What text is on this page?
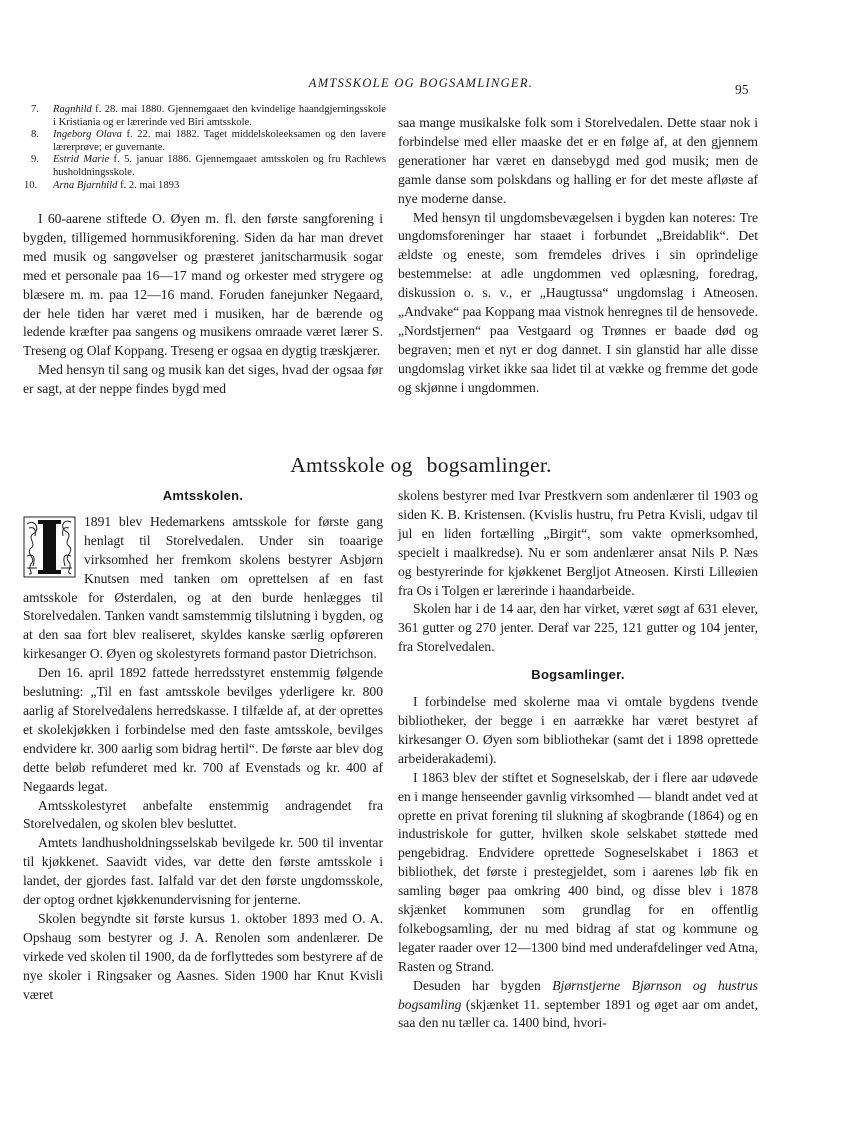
AMTSSKOLE OG BOGSAMLINGER.	95
7.	Ragnhild f. 28. mai 1880. Gjennemgaaet den kvindelige haandgjerningsskole i Kristiania og er lærerinde ved Biri amtsskole.
8.	Ingeborg Olava f. 22. mai 1882. Taget middelskoleeksamen og den lavere lærerprøve; er guvernante.
9.	Estrid Marie f. 5. januar 1886. Gjennemgaaet amtsskolen og fru Rachlews husholdningsskole.
10.	Arna Bjarnhild f. 2. mai 1893

I 60-aarene stiftede O. Øyen m. fl. den første sangforening i bygden, tilligemed hornmusikforening. Siden da har man drevet med musik og sangøvelser og præsteret janitscharmusik sogar med et personale paa 16—17 mand og orkester med strygere og blæsere m. m. paa 12—16 mand. Foruden fanejunker Negaard, der hele tiden har været med i musiken, har de bærende og ledende kræfter paa sangens og musikens omraade været lærer S. Treseng og Olaf Koppang. Treseng er ogsaa en dygtig træskjærer.

Med hensyn til sang og musik kan det siges, hvad der ogsaa før er sagt, at der neppe findes bygd med

saa mange musikalske folk som i Storelvedalen. Dette staar nok i forbindelse med eller maaske det er en følge af, at den gjennem generationer har været en dansebygd med god musik; men de gamle danse som polskdans og halling er for det meste afløste af nye moderne danse.

Med hensyn til ungdomsbevægelsen i bygden kan noteres: Tre ungdomsforeninger har staaet i forbundet „Breidablik“. Det ældste og eneste, som fremdeles drives i sin oprindelige bestemmelse: at adle ungdommen ved oplæsning, foredrag, diskussion o. s. v., er „Haugtussa“ ungdomslag i Atneosen. „Andvake“ paa Koppang maa vistnok henregnes til de hensovede. „Nordstjernen“ paa Vestgaard og Trønnes er baade død og begraven; men et nyt er dog dannet. I sin glanstid har alle disse ungdomslag virket ikke saa lidet til at vække og fremme det gode og skjønne i ungdommen.

Amtsskole og bogsamlinger.

Amtsskolen.

1891 blev Hedemarkens amtsskole for første gang henlagt til Storelvedalen. Under sin toaarige virksomhed her fremkom skolens bestyrer Asbjørn Knutsen med tanken om oprettelsen af en fast amtsskole for Østerdalen, og at den burde henlægges til Storelvedalen. Tanken vandt samstemmig tilslutning i bygden, og at den saa fort blev realiseret, skyldes kanske særlig opføreren kirkesanger O. Øyen og skolestyrets formand pastor Dietrichson.

Den 16. april 1892 fattede herredsstyret enstemmig følgende beslutning: „Til en fast amtsskole bevilges yderligere kr. 800 aarlig af Storelvedalens herredskasse. I tilfælde af, at der oprettes et skolekjøkken i forbindelse med den faste amtsskole, bevilges endvidere kr. 300 aarlig som bidrag hertil“. De første aar blev dog dette beløb refunderet med kr. 700 af Evenstads og kr. 400 af Negaards legat.

Amtsskolestyret anbefalte enstemmig andragendet fra Storelvedalen, og skolen blev besluttet.

Amtets landhusholdningsselskab bevilgede kr. 500 til inventar til kjøkkenet. Saavidt vides, var dette den første amtsskole i landet, der gjordes fast. Ialfald var det den første ungdomsskole, der optog ordnet kjøkkenundervisning for jenterne.

Skolen begyndte sit første kursus 1. oktober 1893 med O. A. Opshaug som bestyrer og J. A. Renolen som andenlærer. De virkede ved skolen til 1900, da de forflyttedes som bestyrere af de nye skoler i Ringsaker og Aasnes. Siden 1900 har Knut Kvisli været

skolens bestyrer med Ivar Prestkvern som andenlærer til 1903 og siden K. B. Kristensen. (Kvislis hustru, fru Petra Kvisli, udgav til jul en liden fortælling „Birgit“, som vakte opmerksomhed, specielt i maalkredse). Nu er som andenlærer ansat Nils P. Næs og bestyrerinde for kjøkkenet Bergljot Atneosen. Kirsti Lilleøien fra Os i Tolgen er lærerinde i haandarbeide.

Skolen har i de 14 aar, den har virket, været søgt af 631 elever, 361 gutter og 270 jenter. Deraf var 225, 121 gutter og 104 jenter, fra Storelvedalen.

Bogsamlinger.

I forbindelse med skolerne maa vi omtale bygdens tvende bibliotheker, der begge i en aarrække har været bestyret af kirkesanger O. Øyen som bibliothekar (samt det i 1898 oprettede arbeiderakademi).

I 1863 blev der stiftet et Sogneselskab, der i flere aar udøvede en i mange henseender gavnlig virksomhed — blandt andet ved at oprette en privat forening til slukning af skogbrande (1864) og en industriskole for gutter, hvilken skole selskabet støttede med pengebidrag. Endvidere oprettede Sogneselskabet i 1863 et bibliothek, det første i prestegjeldet, som i aarenes løb fik en samling bøger paa omkring 400 bind, og disse blev i 1878 skjænket kommunen som grundlag for en offentlig folkebogsamling, der nu med bidrag af stat og kommune og legater raader over 12—1300 bind med underafdelinger ved Atna, Rasten og Strand.

Desuden har bygden Bjørnstjerne Bjørnson og hustrus bogsamling (skjænket 11. september 1891 og øget aar om andet, saa den nu tæller ca. 1400 bind, hvori-
